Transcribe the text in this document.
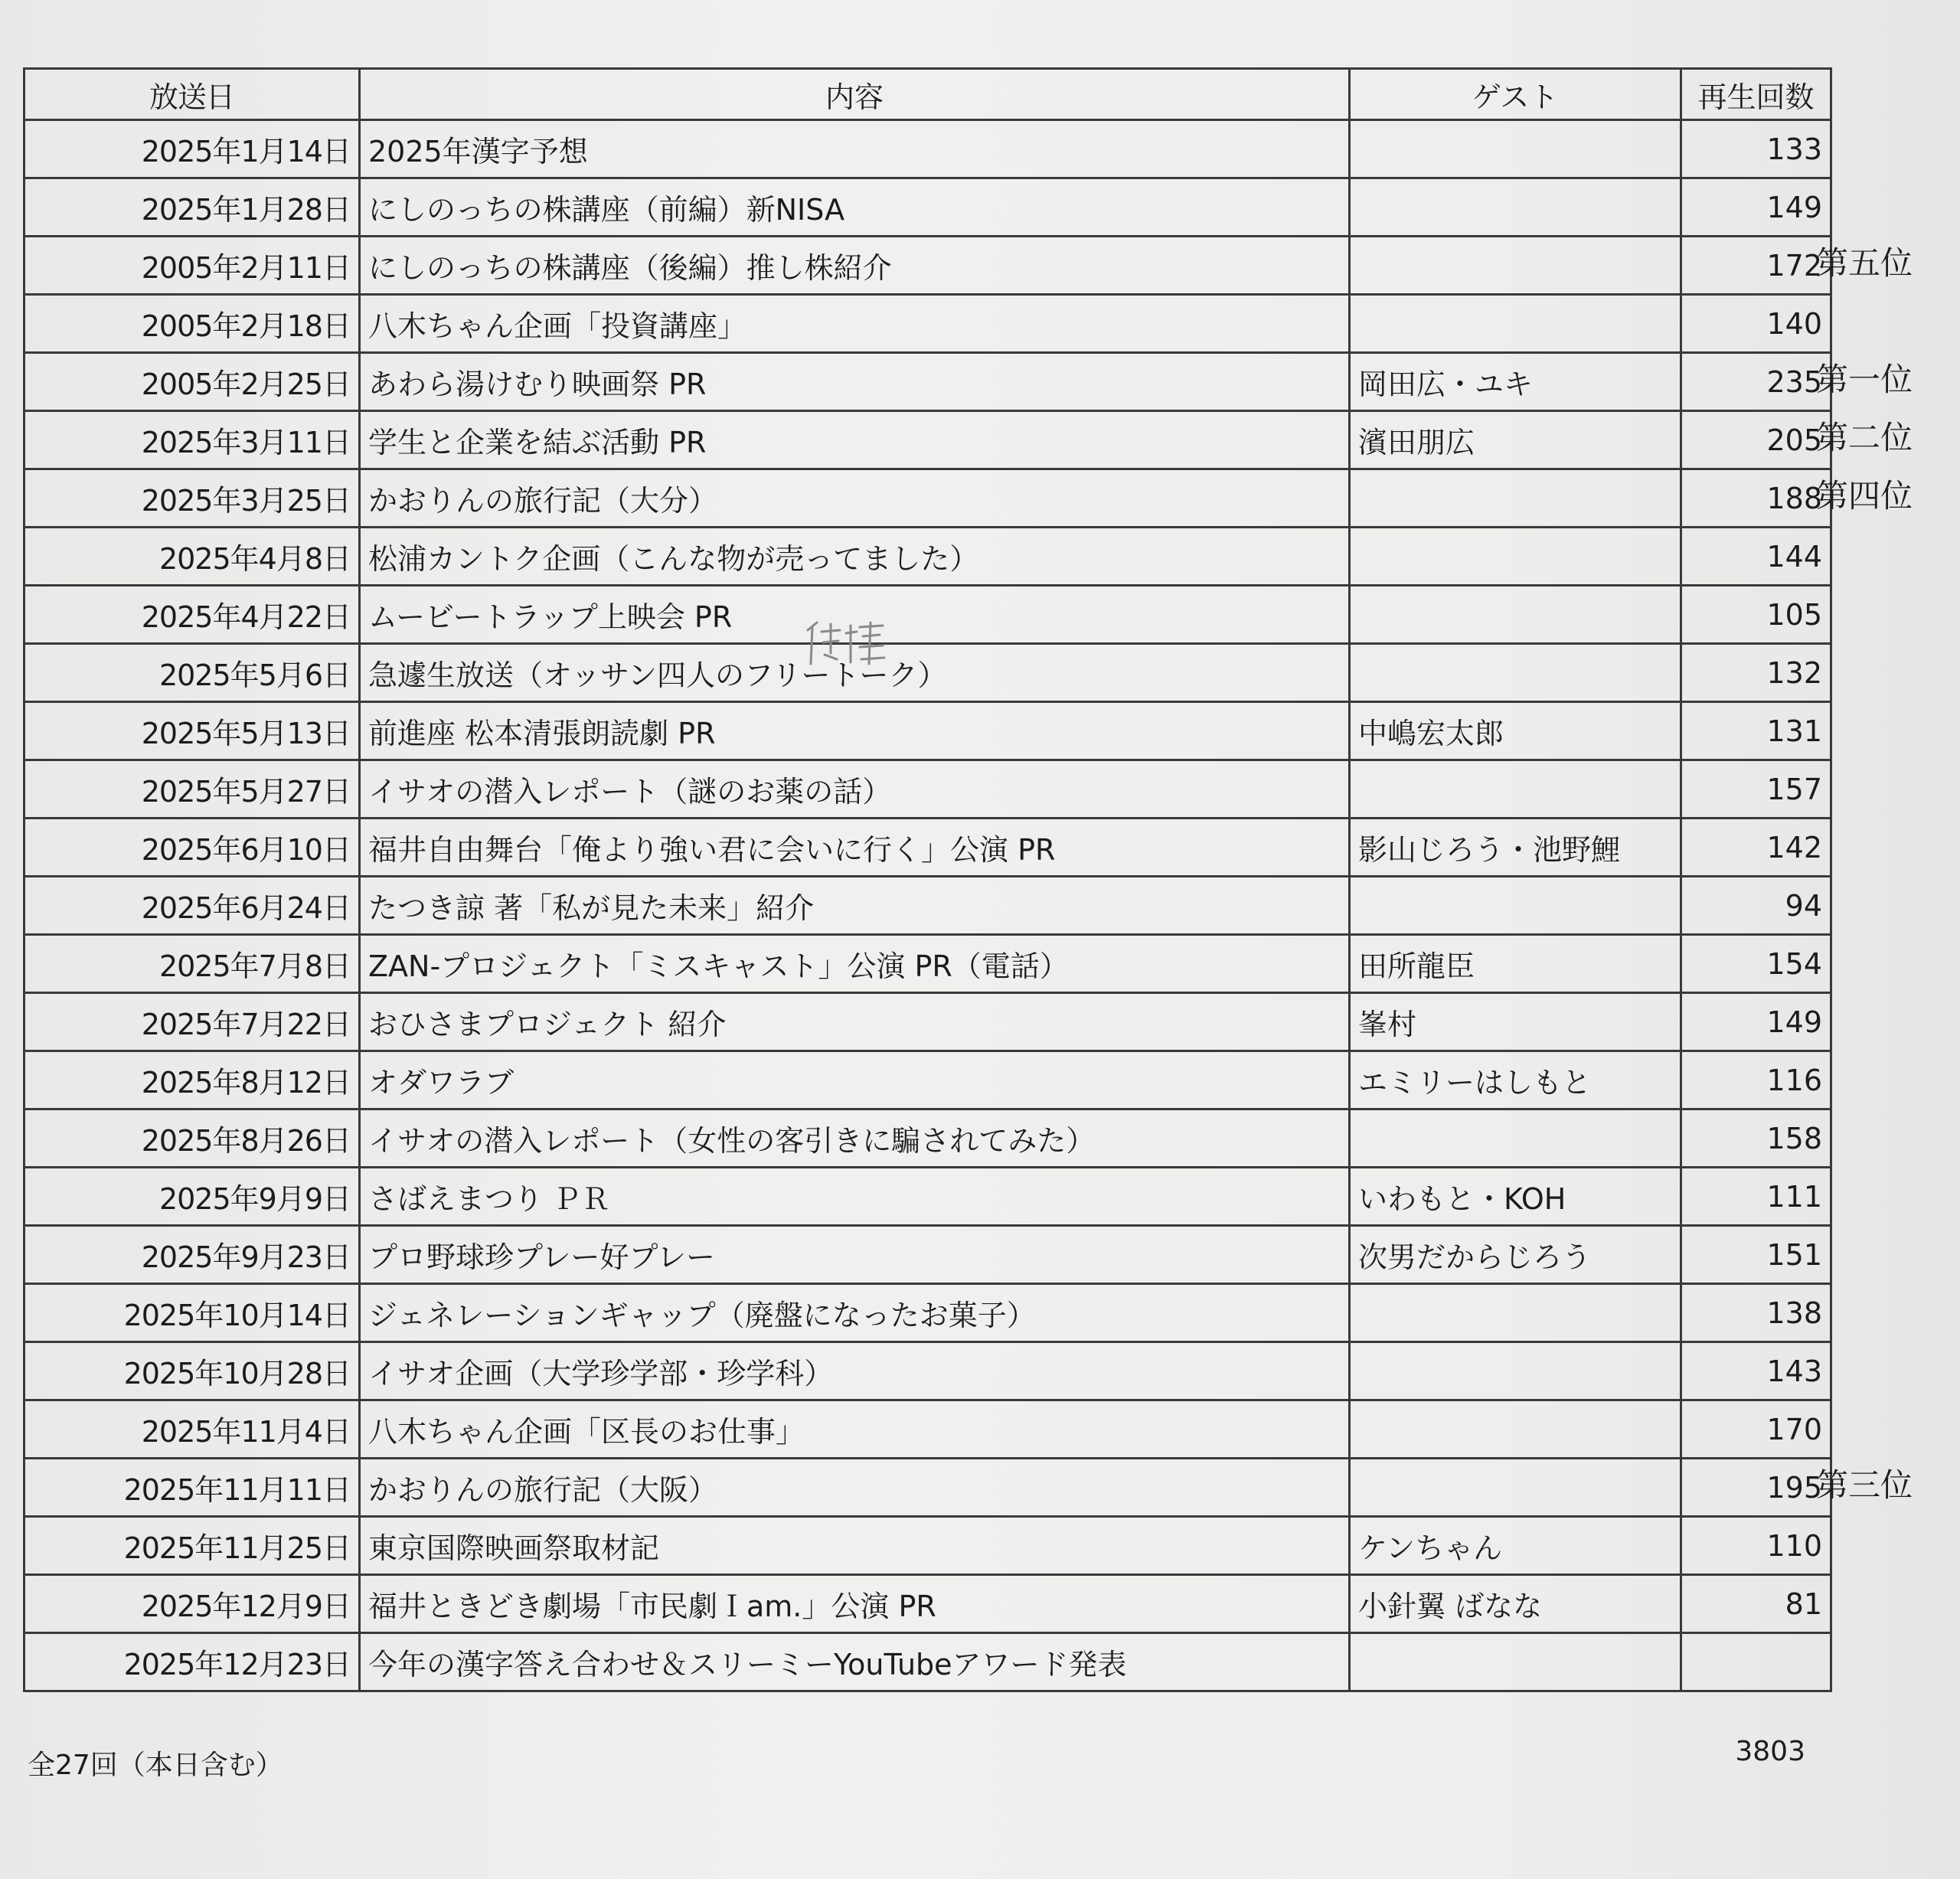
放送日	内容	ゲスト	再生回数
2025年1月14日	2025年漢字予想		133
2025年1月28日	にしのっちの株講座（前編）新NISA		149
2005年2月11日	にしのっちの株講座（後編）推し株紹介		172
2005年2月18日	八木ちゃん企画「投資講座」		140
2005年2月25日	あわら湯けむり映画祭 PR	岡田広・ユキ	235
2025年3月11日	学生と企業を結ぶ活動 PR	濱田朋広	205
2025年3月25日	かおりんの旅行記（大分）		188
2025年4月8日	松浦カントク企画（こんな物が売ってました）		144
2025年4月22日	ムービートラップ上映会 PR		105
2025年5月6日	急遽生放送（オッサン四人のフリートーク）		132
2025年5月13日	前進座 松本清張朗読劇 PR	中嶋宏太郎	131
2025年5月27日	イサオの潜入レポート（謎のお薬の話）		157
2025年6月10日	福井自由舞台「俺より強い君に会いに行く」公演 PR	影山じろう・池野鯉	142
2025年6月24日	たつき諒 著「私が見た未来」紹介		94
2025年7月8日	ZAN-プロジェクト「ミスキャスト」公演 PR（電話）	田所龍臣	154
2025年7月22日	おひさまプロジェクト 紹介	峯村	149
2025年8月12日	オダワラブ	エミリーはしもと	116
2025年8月26日	イサオの潜入レポート（女性の客引きに騙されてみた）		158
2025年9月9日	さばえまつり ＰＲ	いわもと・KOH	111
2025年9月23日	プロ野球珍プレー好プレー	次男だからじろう	151
2025年10月14日	ジェネレーションギャップ（廃盤になったお菓子）		138
2025年10月28日	イサオ企画（大学珍学部・珍学科）		143
2025年11月4日	八木ちゃん企画「区長のお仕事」		170
2025年11月11日	かおりんの旅行記（大阪）		195
2025年11月25日	東京国際映画祭取材記	ケンちゃん	110
2025年12月9日	福井ときどき劇場「市民劇Ｉam.」公演 PR	小針翼 ばなな	81
2025年12月23日	今年の漢字答え合わせ＆スリーミーYouTubeアワード発表		
第五位
第一位
第二位
第四位
第三位
全27回（本日含む）	3803
